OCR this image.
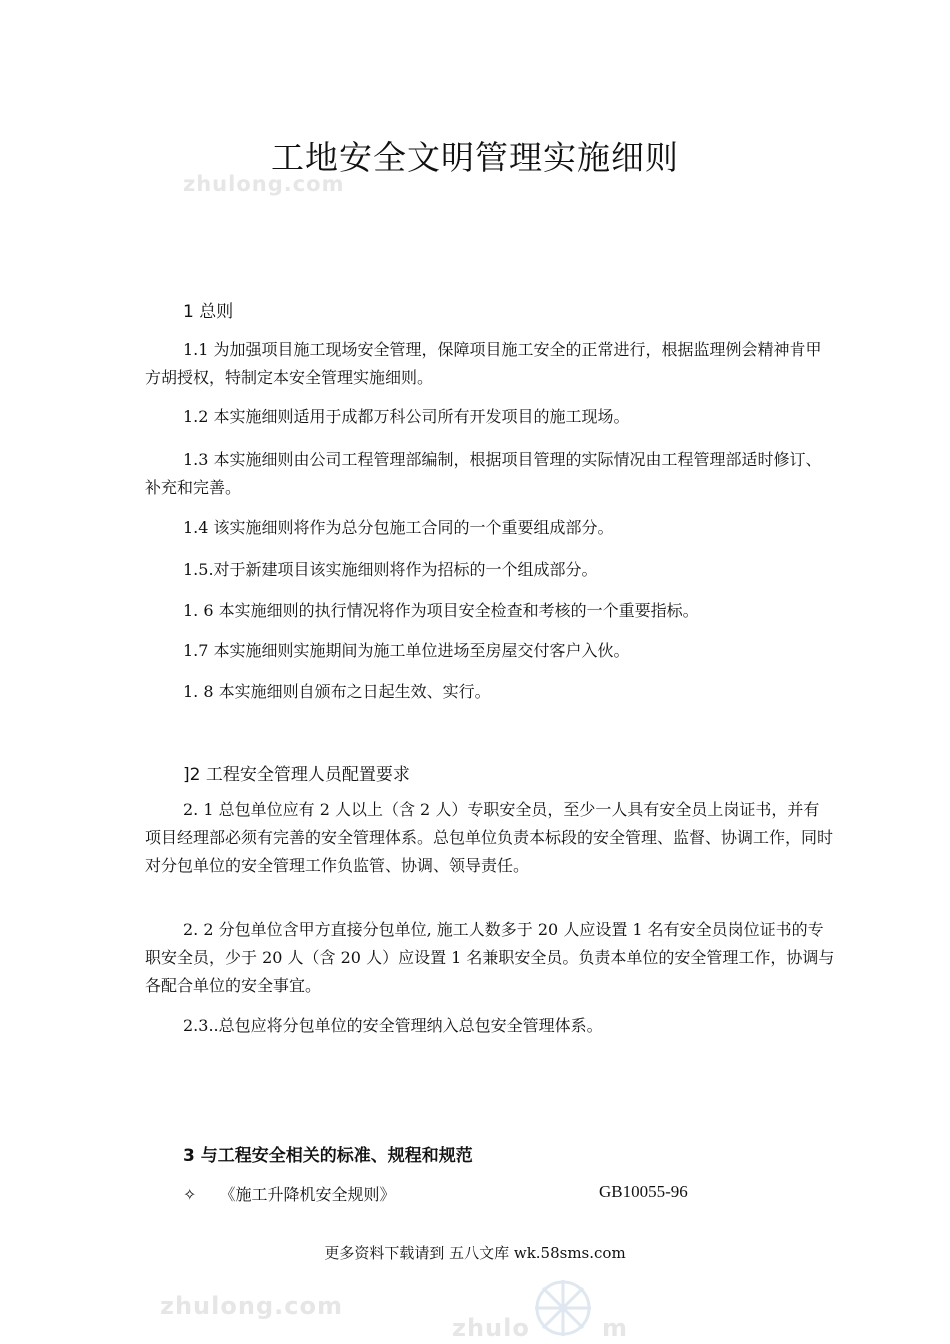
zhulong.com
zhulong.com
zhulo	m
工地安全文明管理实施细则
1 总则
1.1 为加强项目施工现场安全管理，保障项目施工安全的正常进行，根据监理例会精神肯甲方胡授权，特制定本安全管理实施细则。
1.2 本实施细则适用于成都万科公司所有开发项目的施工现场。
1.3 本实施细则由公司工程管理部编制，根据项目管理的实际情况由工程管理部适时修订、补充和完善。
1.4 该实施细则将作为总分包施工合同的一个重要组成部分。
1.5.对于新建项目该实施细则将作为招标的一个组成部分。
1. 6 本实施细则的执行情况将作为项目安全检查和考核的一个重要指标。
1.7 本实施细则实施期间为施工单位进场至房屋交付客户入伙。
1. 8 本实施细则自颁布之日起生效、实行。
]2 工程安全管理人员配置要求
2. 1 总包单位应有 2 人以上（含 2 人）专职安全员，至少一人具有安全员上岗证书，并有项目经理部必须有完善的安全管理体系。总包单位负责本标段的安全管理、监督、协调工作，同时对分包单位的安全管理工作负监管、协调、领导责任。
2. 2 分包单位含甲方直接分包单位, 施工人数多于 20 人应设置 1 名有安全员岗位证书的专职安全员，少于 20 人（含 20 人）应设置 1 名兼职安全员。负责本单位的安全管理工作，协调与各配合单位的安全事宜。
2.3..总包应将分包单位的安全管理纳入总包安全管理体系。
3 与工程安全相关的标准、规程和规范
✧ 《施工升降机安全规则》	GB10055-96
更多资料下载请到 五八文库 wk.58sms.com
